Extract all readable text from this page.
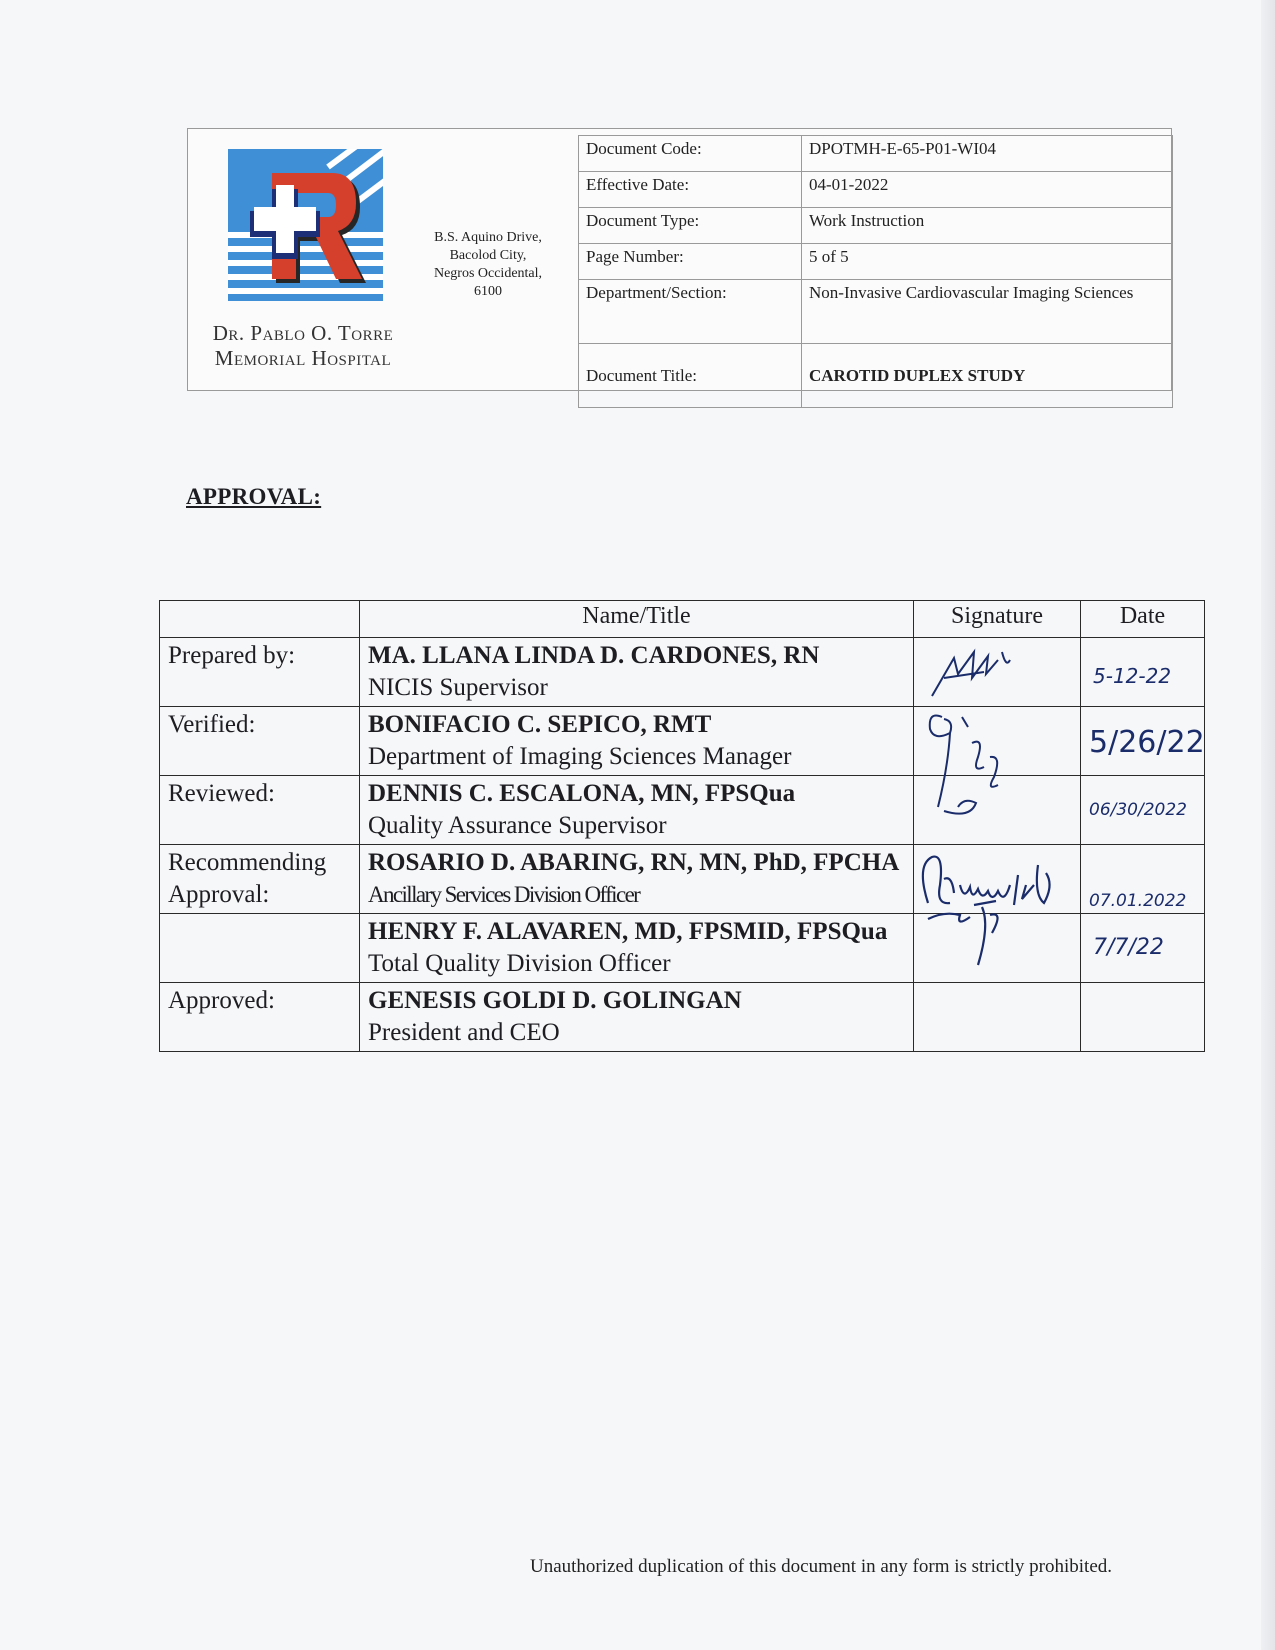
Dr. Pablo O. Torre
Memorial Hospital
B.S. Aquino Drive,
Bacolod City,
Negros Occidental,
6100
Document Code:	DPOTMH-E-65-P01-WI04
Effective Date:	04-01-2022
Document Type:	Work Instruction
Page Number:	5 of 5
Department/Section:	Non-Invasive Cardiovascular Imaging Sciences
Document Title:	CAROTID DUPLEX STUDY
APPROVAL:
	Name/Title	Signature	Date
Prepared by:	MA. LLANA LINDA D. CARDONES, RN
NICIS Supervisor		5-12-22

Verified:	BONIFACIO C. SEPICO, RMT
Department of Imaging Sciences Manager		5/26/22

Reviewed:	DENNIS C. ESCALONA, MN, FPSQua
Quality Assurance Supervisor		06/30/2022

Recommending Approval:	ROSARIO D. ABARING, RN, MN, PhD, FPCHA
Ancillary Services Division Officer		07.01.2022

	HENRY F. ALAVAREN, MD, FPSMID, FPSQua
Total Quality Division Officer		7/7/22

Approved:	GENESIS GOLDI D. GOLINGAN
President and CEO		

Unauthorized duplication of this document in any form is strictly prohibited.
